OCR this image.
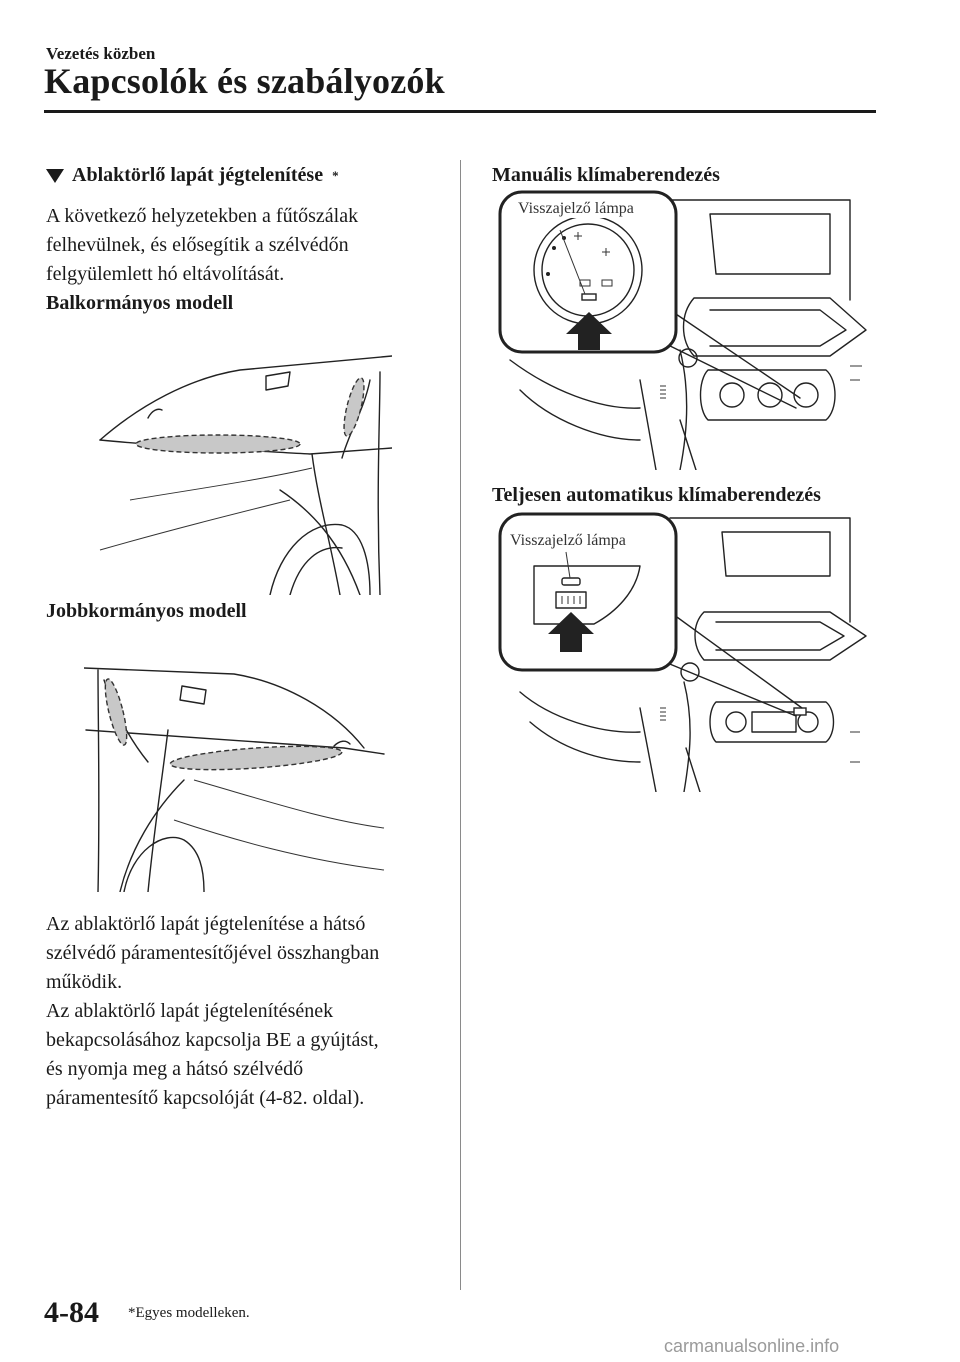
Vezetés közben
Kapcsolók és szabályozók
Ablaktörlő lapát jégtelenítése *
A következő helyzetekben a fűtőszálak
felhevülnek, és elősegítik a szélvédőn
felgyülemlett hó eltávolítását.
Balkormányos modell
Jobbkormányos modell
Az ablaktörlő lapát jégtelenítése a hátsó
szélvédő páramentesítőjével összhangban
működik.
Az ablaktörlő lapát jégtelenítésének
bekapcsolásához kapcsolja BE a gyújtást,
és nyomja meg a hátsó szélvédő
páramentesítő kapcsolóját (4-82. oldal).
Manuális klímaberendezés
Visszajelző lámpa
Teljesen automatikus klímaberendezés
Visszajelző lámpa
4-84 *Egyes modelleken.
carmanualsonline.info
